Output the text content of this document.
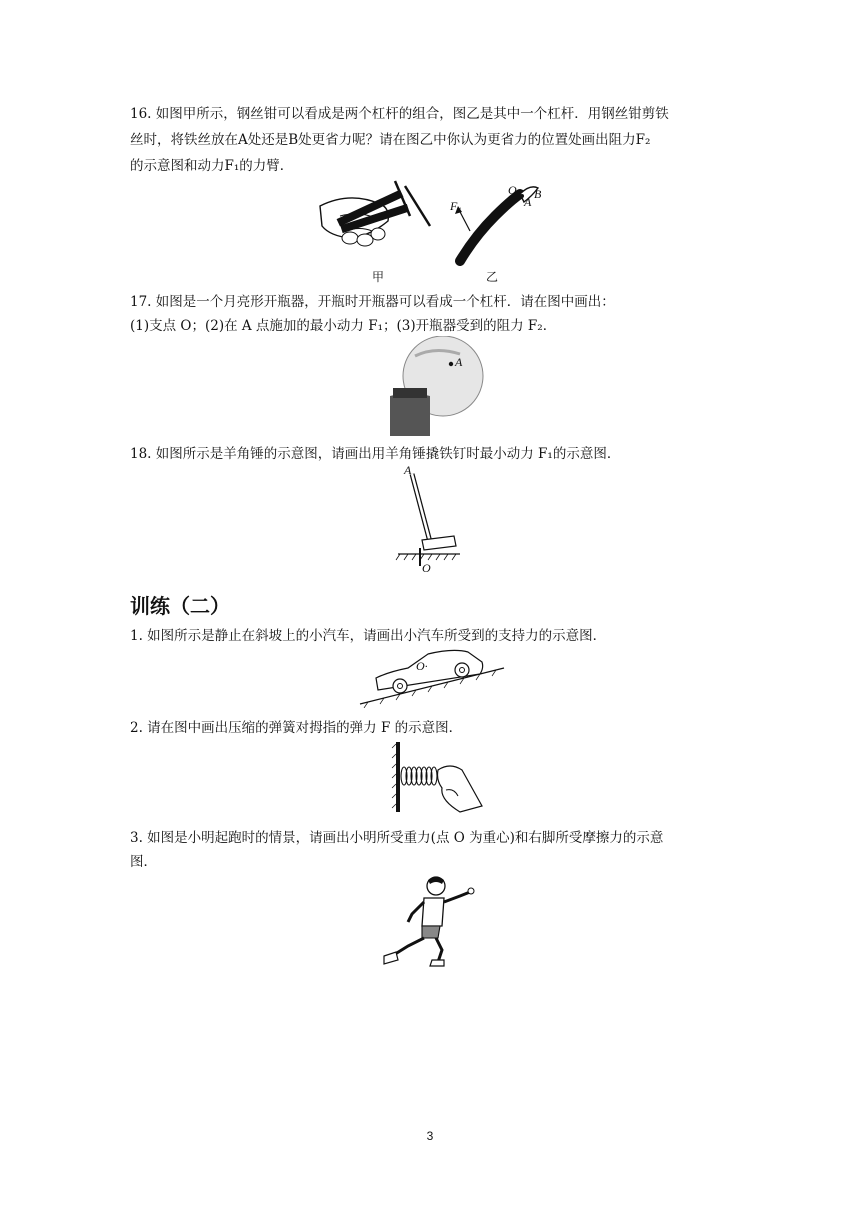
16. 如图甲所示，钢丝钳可以看成是两个杠杆的组合，图乙是其中一个杠杆．用钢丝钳剪铁
丝时，将铁丝放在A处还是B处更省力呢？请在图乙中你认为更省力的位置处画出阻力F₂
的示意图和动力F₁的力臂．
甲
F₁
O B
A
乙
17. 如图是一个月亮形开瓶器，开瓶时开瓶器可以看成一个杠杆．请在图中画出：
(1)支点 O；(2)在 A 点施加的最小动力 F₁；(3)开瓶器受到的阻力 F₂．
A
18. 如图所示是羊角锤的示意图，请画出用羊角锤撬铁钉时最小动力 F₁的示意图．
A
O
训练（二）
1. 如图所示是静止在斜坡上的小汽车，请画出小汽车所受到的支持力的示意图．
O·
2. 请在图中画出压缩的弹簧对拇指的弹力 F 的示意图．
3. 如图是小明起跑时的情景，请画出小明所受重力(点 O 为重心)和右脚所受摩擦力的示意
图．
3
